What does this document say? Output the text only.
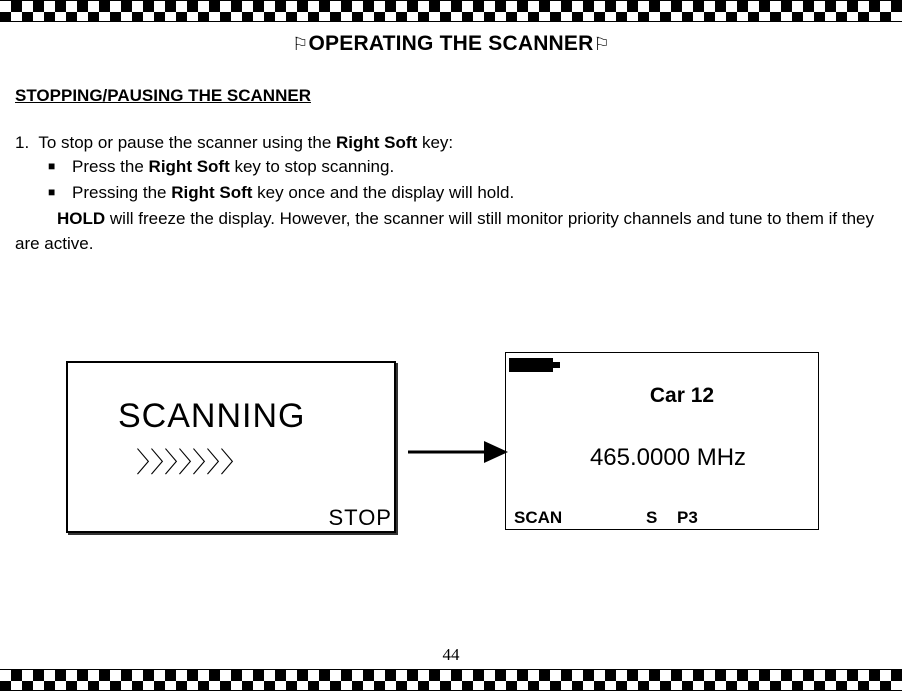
⚐OPERATING THE SCANNER⚐
STOPPING/PAUSING THE SCANNER
1. To stop or pause the scanner using the Right Soft key:
■ Press the Right Soft key to stop scanning.
■ Pressing the Right Soft key once and the display will hold.
HOLD will freeze the display. However, the scanner will still monitor priority channels and tune to them if they are active.
SCANNING
〉〉〉〉〉〉〉
STOP
Car 12
465.0000 MHz
SCAN	S P3
44
